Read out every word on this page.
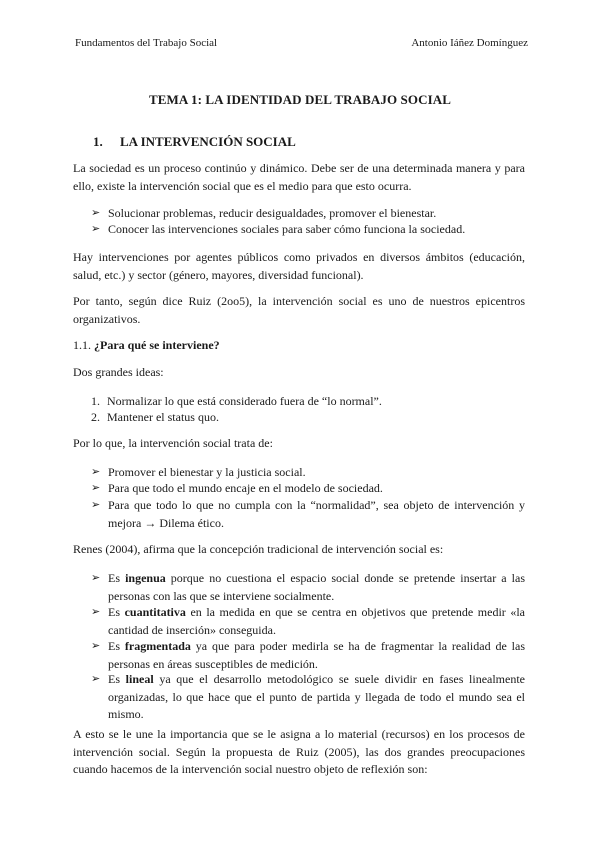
Fundamentos del Trabajo Social	Antonio Iáñez Domínguez
TEMA 1: LA IDENTIDAD DEL TRABAJO SOCIAL
1. LA INTERVENCIÓN SOCIAL
La sociedad es un proceso continúo y dinámico. Debe ser de una determinada manera y para ello, existe la intervención social que es el medio para que esto ocurra.
➢ Solucionar problemas, reducir desigualdades, promover el bienestar.
➢ Conocer las intervenciones sociales para saber cómo funciona la sociedad.
Hay intervenciones por agentes públicos como privados en diversos ámbitos (educación, salud, etc.) y sector (género, mayores, diversidad funcional).
Por tanto, según dice Ruiz (2oo5), la intervención social es uno de nuestros epicentros organizativos.
1.1. ¿Para qué se interviene?
Dos grandes ideas:
1. Normalizar lo que está considerado fuera de “lo normal”.
2. Mantener el status quo.
Por lo que, la intervención social trata de:
➢ Promover el bienestar y la justicia social.
➢ Para que todo el mundo encaje en el modelo de sociedad.
➢ Para que todo lo que no cumpla con la “normalidad”, sea objeto de intervención y mejora → Dilema ético.
Renes (2004), afirma que la concepción tradicional de intervención social es:
➢ Es ingenua porque no cuestiona el espacio social donde se pretende insertar a las personas con las que se interviene socialmente.
➢ Es cuantitativa en la medida en que se centra en objetivos que pretende medir «la cantidad de inserción» conseguida.
➢ Es fragmentada ya que para poder medirla se ha de fragmentar la realidad de las personas en áreas susceptibles de medición.
➢ Es lineal ya que el desarrollo metodológico se suele dividir en fases linealmente organizadas, lo que hace que el punto de partida y llegada de todo el mundo sea el mismo.
A esto se le une la importancia que se le asigna a lo material (recursos) en los procesos de intervención social. Según la propuesta de Ruiz (2005), las dos grandes preocupaciones cuando hacemos de la intervención social nuestro objeto de reflexión son:
